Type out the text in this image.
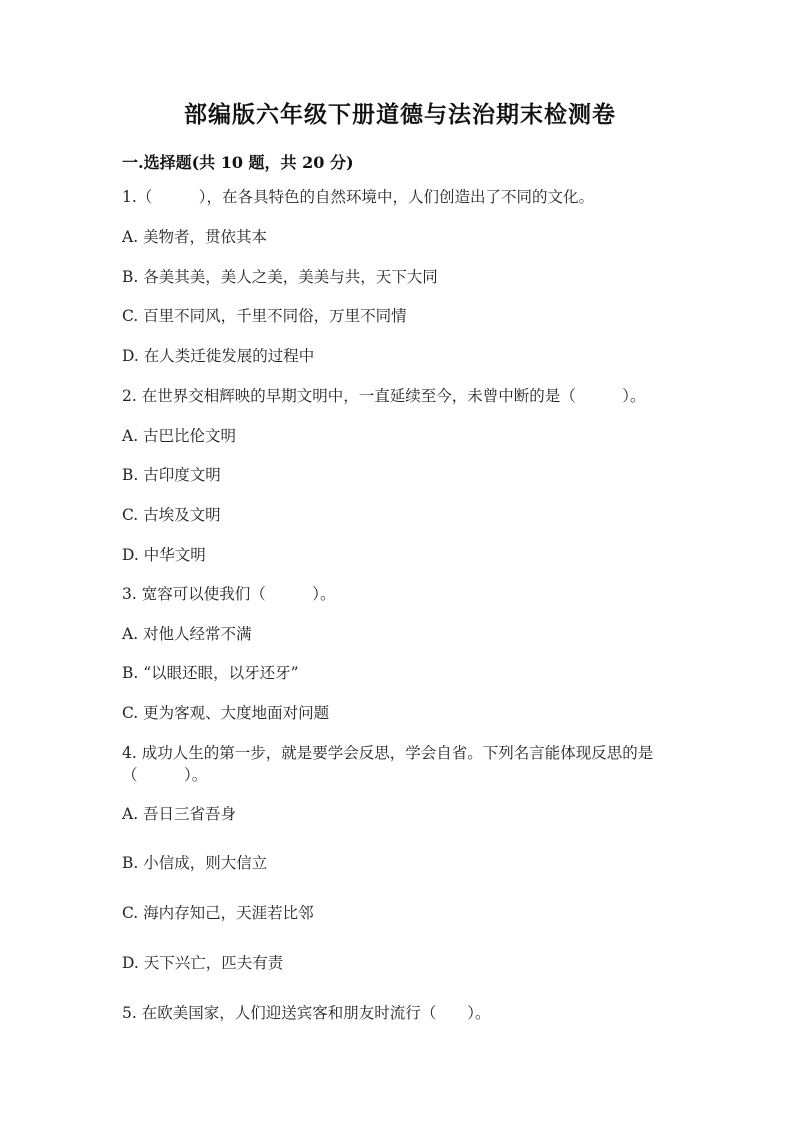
部编版六年级下册道德与法治期末检测卷
一.选择题(共 10 题，共 20 分)
1.（　　　），在各具特色的自然环境中，人们创造出了不同的文化。
A. 美物者，贯依其本
B. 各美其美，美人之美，美美与共，天下大同
C. 百里不同风，千里不同俗，万里不同情
D. 在人类迁徙发展的过程中
2. 在世界交相辉映的早期文明中，一直延续至今，未曾中断的是（　　　）。
A. 古巴比伦文明
B. 古印度文明
C. 古埃及文明
D. 中华文明
3. 宽容可以使我们（　　　）。
A. 对他人经常不满
B. “以眼还眼，以牙还牙”
C. 更为客观、大度地面对问题
4. 成功人生的第一步，就是要学会反思，学会自省。下列名言能体现反思的是
（　　　）。
A. 吾日三省吾身
B. 小信成，则大信立
C. 海内存知己，天涯若比邻
D. 天下兴亡，匹夫有责
5. 在欧美国家，人们迎送宾客和朋友时流行（　　）。
